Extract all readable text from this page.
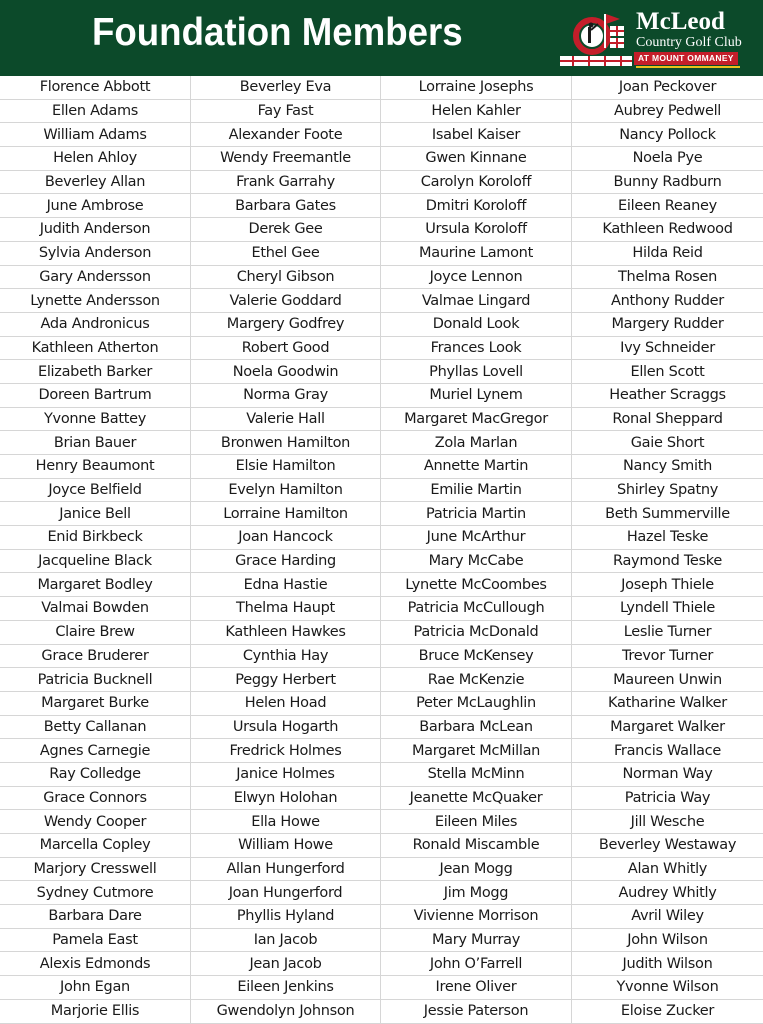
Foundation Members	McLeod
Country Golf Club
AT MOUNT OMMANEY
Florence Abbott	Beverley Eva	Lorraine Josephs	Joan Peckover
Ellen Adams	Fay Fast	Helen Kahler	Aubrey Pedwell
William Adams	Alexander Foote	Isabel Kaiser	Nancy Pollock
Helen Ahloy	Wendy Freemantle	Gwen Kinnane	Noela Pye
Beverley Allan	Frank Garrahy	Carolyn Koroloff	Bunny Radburn
June Ambrose	Barbara Gates	Dmitri Koroloff	Eileen Reaney
Judith Anderson	Derek Gee	Ursula Koroloff	Kathleen Redwood
Sylvia Anderson	Ethel Gee	Maurine Lamont	Hilda Reid
Gary Andersson	Cheryl Gibson	Joyce Lennon	Thelma Rosen
Lynette Andersson	Valerie Goddard	Valmae Lingard	Anthony Rudder
Ada Andronicus	Margery Godfrey	Donald Look	Margery Rudder
Kathleen Atherton	Robert Good	Frances Look	Ivy Schneider
Elizabeth Barker	Noela Goodwin	Phyllas Lovell	Ellen Scott
Doreen Bartrum	Norma Gray	Muriel Lynem	Heather Scraggs
Yvonne Battey	Valerie Hall	Margaret MacGregor	Ronal Sheppard
Brian Bauer	Bronwen Hamilton	Zola Marlan	Gaie Short
Henry Beaumont	Elsie Hamilton	Annette Martin	Nancy Smith
Joyce Belfield	Evelyn Hamilton	Emilie Martin	Shirley Spatny
Janice Bell	Lorraine Hamilton	Patricia Martin	Beth Summerville
Enid Birkbeck	Joan Hancock	June McArthur	Hazel Teske
Jacqueline Black	Grace Harding	Mary McCabe	Raymond Teske
Margaret Bodley	Edna Hastie	Lynette McCoombes	Joseph Thiele
Valmai Bowden	Thelma Haupt	Patricia McCullough	Lyndell Thiele
Claire Brew	Kathleen Hawkes	Patricia McDonald	Leslie Turner
Grace Bruderer	Cynthia Hay	Bruce McKensey	Trevor Turner
Patricia Bucknell	Peggy Herbert	Rae McKenzie	Maureen Unwin
Margaret Burke	Helen Hoad	Peter McLaughlin	Katharine Walker
Betty Callanan	Ursula Hogarth	Barbara McLean	Margaret Walker
Agnes Carnegie	Fredrick Holmes	Margaret McMillan	Francis Wallace
Ray Colledge	Janice Holmes	Stella McMinn	Norman Way
Grace Connors	Elwyn Holohan	Jeanette McQuaker	Patricia Way
Wendy Cooper	Ella Howe	Eileen Miles	Jill Wesche
Marcella Copley	William Howe	Ronald Miscamble	Beverley Westaway
Marjory Cresswell	Allan Hungerford	Jean Mogg	Alan Whitly
Sydney Cutmore	Joan Hungerford	Jim Mogg	Audrey Whitly
Barbara Dare	Phyllis Hyland	Vivienne Morrison	Avril Wiley
Pamela East	Ian Jacob	Mary Murray	John Wilson
Alexis Edmonds	Jean Jacob	John O’Farrell	Judith Wilson
John Egan	Eileen Jenkins	Irene Oliver	Yvonne Wilson
Marjorie Ellis	Gwendolyn Johnson	Jessie Paterson	Eloise Zucker
